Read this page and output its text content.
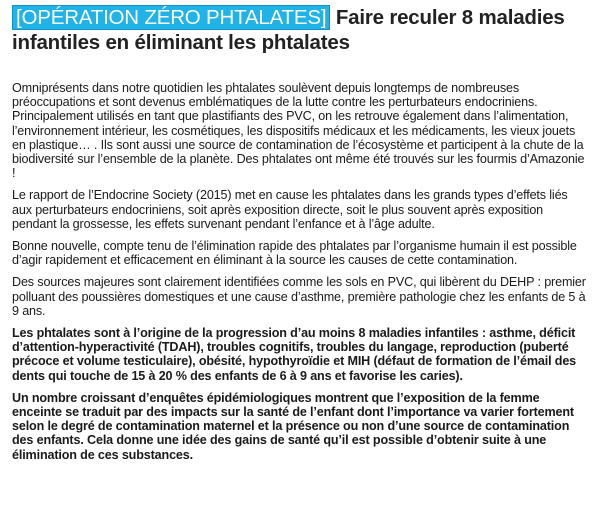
[OPÉRATION ZÉRO PHTALATES] Faire reculer 8 maladies infantiles en éliminant les phtalates

Omniprésents dans notre quotidien les phtalates soulèvent depuis longtemps de nombreuses préoccupations et sont devenus emblématiques de la lutte contre les perturbateurs endocriniens. Principalement utilisés en tant que plastifiants des PVC, on les retrouve également dans l’alimentation, l’environnement intérieur, les cosmétiques, les dispositifs médicaux et les médicaments, les vieux jouets en plastique… . Ils sont aussi une source de contamination de l’écosystème et participent à la chute de la biodiversité sur l’ensemble de la planète. Des phtalates ont même été trouvés sur les fourmis d’Amazonie !

Le rapport de l’Endocrine Society (2015) met en cause les phtalates dans les grands types d’effets liés aux perturbateurs endocriniens, soit après exposition directe, soit le plus souvent après exposition pendant la grossesse, les effets survenant pendant l’enfance et à l’âge adulte.

Bonne nouvelle, compte tenu de l’élimination rapide des phtalates par l’organisme humain il est possible d’agir rapidement et efficacement en éliminant à la source les causes de cette contamination.

Des sources majeures sont clairement identifiées comme les sols en PVC, qui libèrent du DEHP : premier polluant des poussières domestiques et une cause d’asthme, première pathologie chez les enfants de 5 à 9 ans.

Les phtalates sont à l’origine de la progression d’au moins 8 maladies infantiles : asthme, déficit d’attention-hyperactivité (TDAH), troubles cognitifs, troubles du langage, reproduction (puberté précoce et volume testiculaire), obésité, hypothyroïdie et MIH (défaut de formation de l’émail des dents qui touche de 15 à 20 % des enfants de 6 à 9 ans et favorise les caries).

Un nombre croissant d’enquêtes épidémiologiques montrent que l’exposition de la femme enceinte se traduit par des impacts sur la santé de l’enfant dont l’importance va varier fortement selon le degré de contamination maternel et la présence ou non d’une source de contamination des enfants. Cela donne une idée des gains de santé qu’il est possible d’obtenir suite à une élimination de ces substances.
